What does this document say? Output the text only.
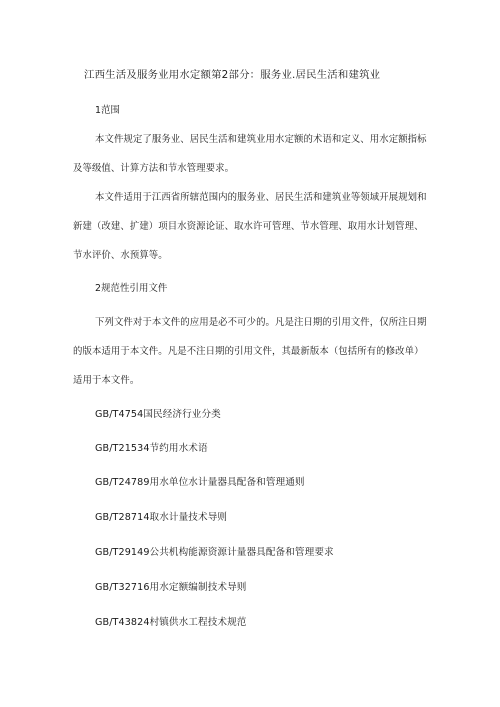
江西生活及服务业用水定额第2部分：服务业.居民生活和建筑业
1范围
本文件规定了服务业、居民生活和建筑业用水定额的术语和定义、用水定额指标
及等级值、计算方法和节水管理要求。
本文件适用于江西省所辖范围内的服务业、居民生活和建筑业等领域开展规划和
新建（改建、扩建）项目水资源论证、取水许可管理、节水管理、取用水计划管理、
节水评价、水预算等。
2规范性引用文件
下列文件对于本文件的应用是必不可少的。凡是注日期的引用文件，仅所注日期
的版本适用于本文件。凡是不注日期的引用文件，其最新版本（包括所有的修改单）
适用于本文件。
GB/T4754国民经济行业分类
GB/T21534节约用水术语
GB/T24789用水单位水计量器具配备和管理通则
GB/T28714取水计量技术导则
GB/T29149公共机构能源资源计量器具配备和管理要求
GB/T32716用水定额编制技术导则
GB/T43824村镇供水工程技术规范
